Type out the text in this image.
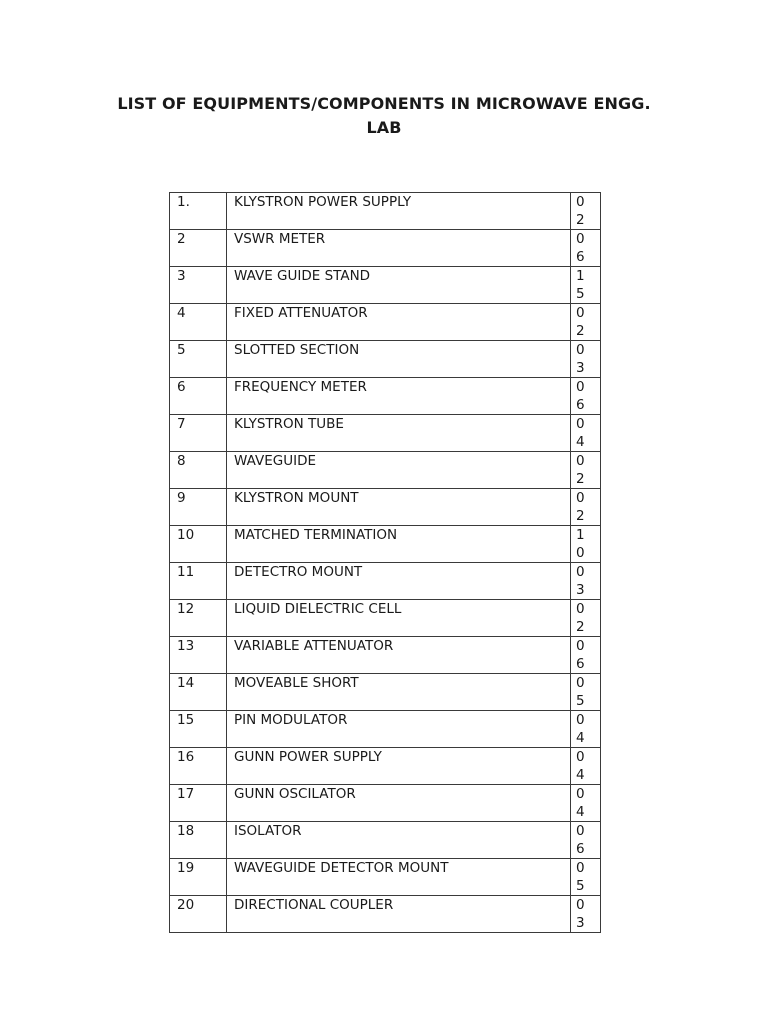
LIST OF EQUIPMENTS/COMPONENTS IN MICROWAVE ENGG.
LAB
1.	KLYSTRON POWER SUPPLY	02
2	VSWR METER	06
3	WAVE GUIDE STAND	15
4	FIXED ATTENUATOR	02
5	SLOTTED SECTION	03
6	FREQUENCY METER	06
7	KLYSTRON TUBE	04
8	WAVEGUIDE	02
9	KLYSTRON MOUNT	02
10	MATCHED TERMINATION	10
11	DETECTRO MOUNT	03
12	LIQUID DIELECTRIC CELL	02
13	VARIABLE ATTENUATOR	06
14	MOVEABLE SHORT	05
15	PIN MODULATOR	04
16	GUNN POWER SUPPLY	04
17	GUNN OSCILATOR	04
18	ISOLATOR	06
19	WAVEGUIDE DETECTOR MOUNT	05
20	DIRECTIONAL COUPLER	03
